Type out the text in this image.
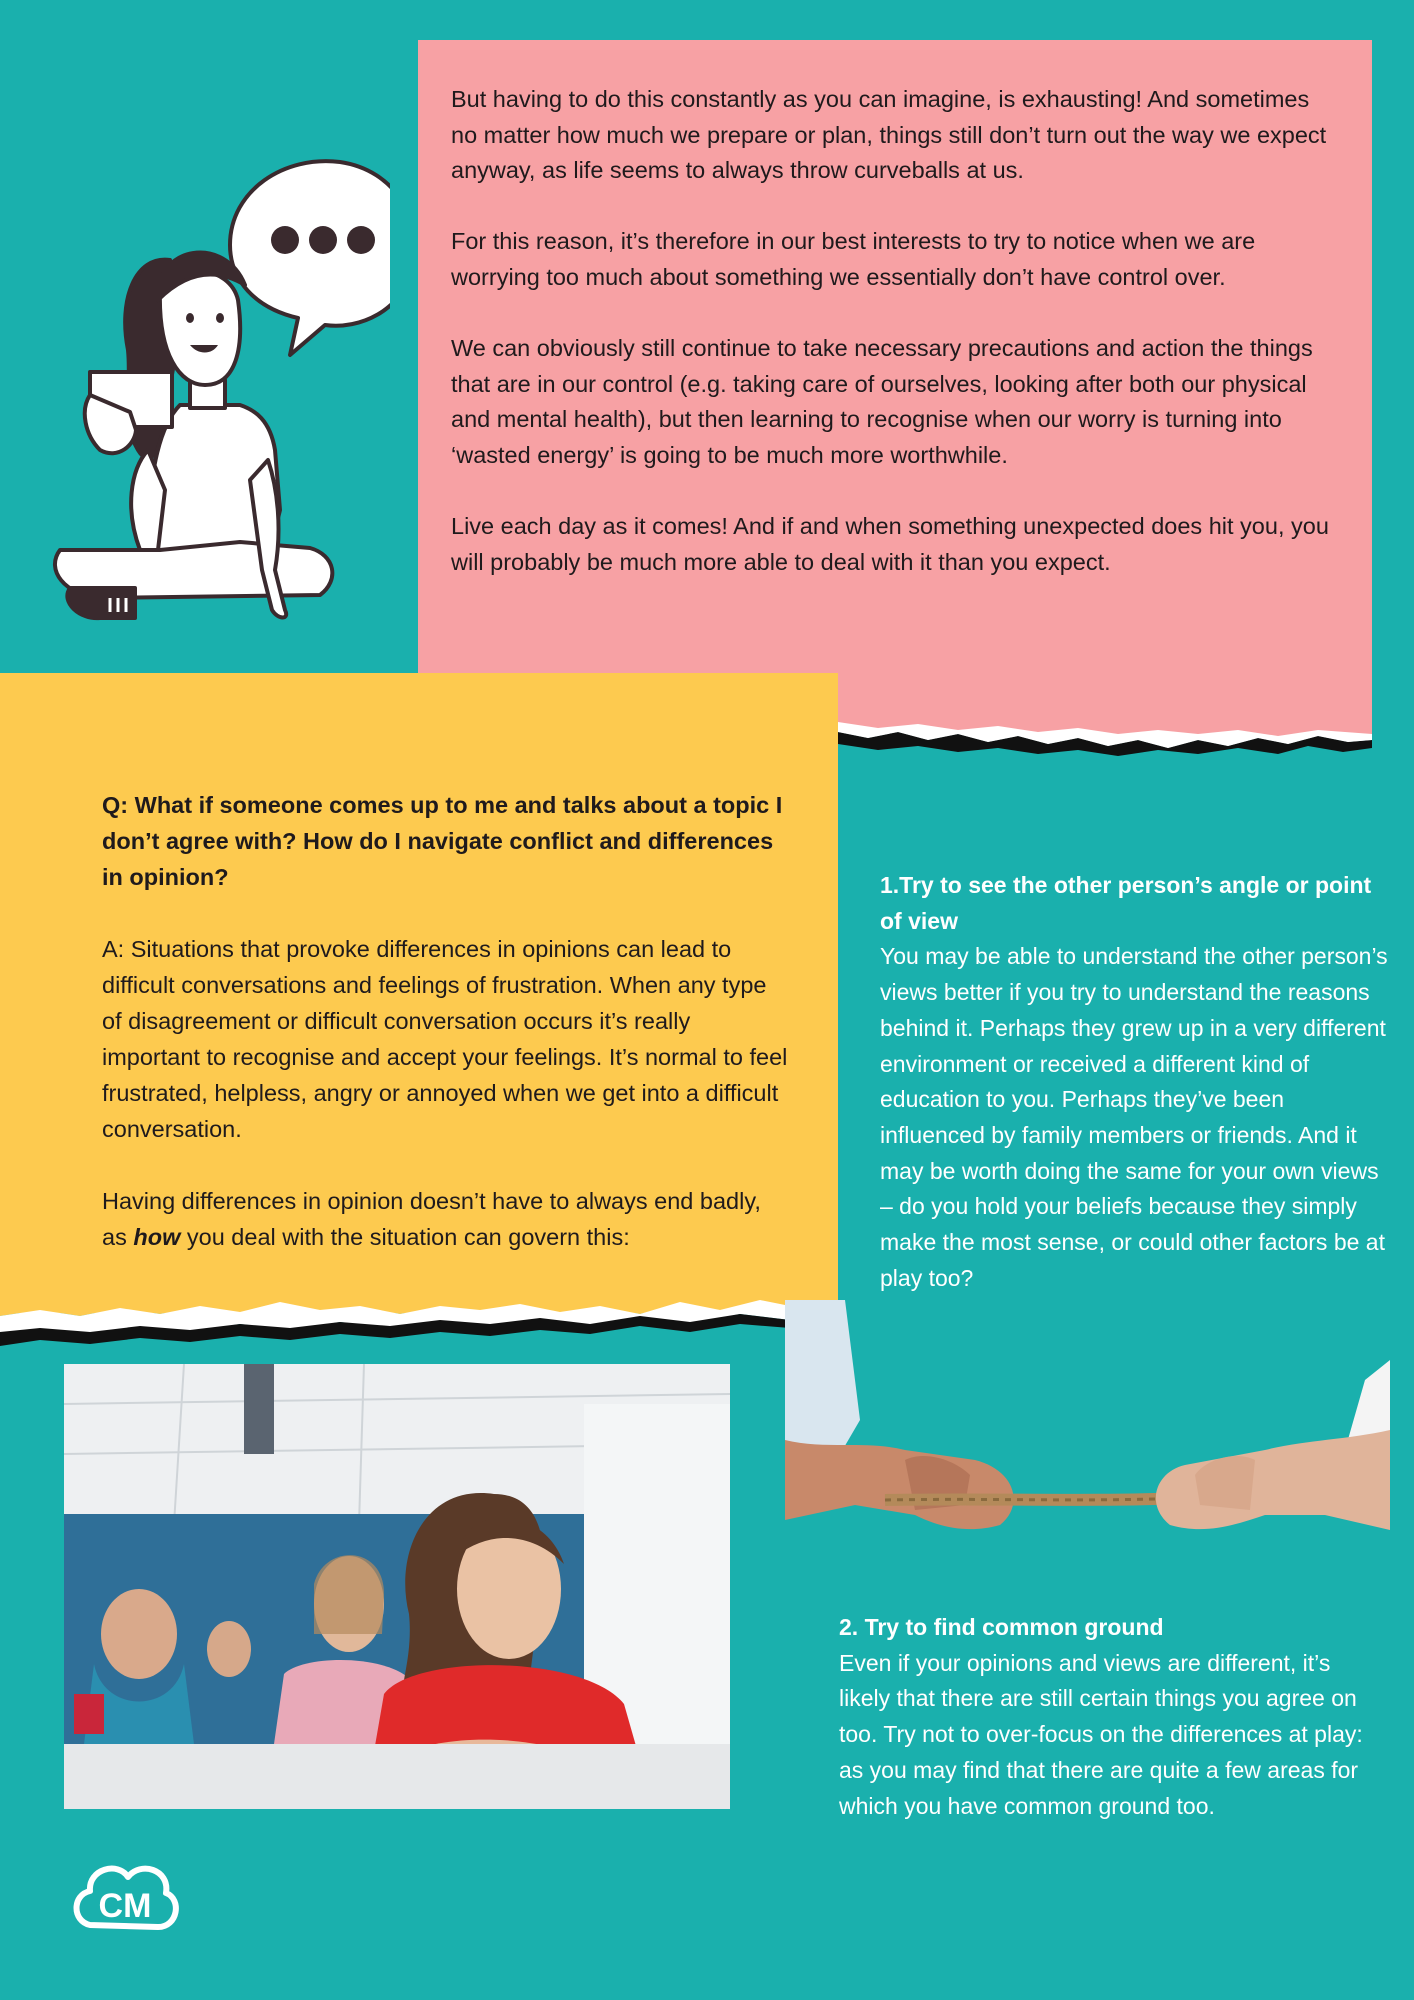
But having to do this constantly as you can imagine, is exhausting! And sometimes no matter how much we prepare or plan, things still don’t turn out the way we expect anyway, as life seems to always throw curveballs at us.

For this reason, it’s therefore in our best interests to try to notice when we are worrying too much about something we essentially don’t have control over.

We can obviously still continue to take necessary precautions and action the things that are in our control (e.g. taking care of ourselves, looking after both our physical and mental health), but then learning to recognise when our worry is turning into ‘wasted energy’ is going to be much more worthwhile.

Live each day as it comes! And if and when something unexpected does hit you, you will probably be much more able to deal with it than you expect.

Q: What if someone comes up to me and talks about a topic I don’t agree with? How do I navigate conflict and differences in opinion?

A: Situations that provoke differences in opinions can lead to difficult conversations and feelings of frustration. When any type of disagreement or difficult conversation occurs it’s really important to recognise and accept your feelings. It’s normal to feel frustrated, helpless, angry or annoyed when we get into a difficult conversation.

Having differences in opinion doesn’t have to always end badly, as how you deal with the situation can govern this:

1.Try to see the other person’s angle or point of view
You may be able to understand the other person’s views better if you try to understand the reasons behind it. Perhaps they grew up in a very different environment or received a different kind of education to you. Perhaps they’ve been influenced by family members or friends. And it may be worth doing the same for your own views – do you hold your beliefs because they simply make the most sense, or could other factors be at play too?
2. Try to find common ground
Even if your opinions and views are different, it’s likely that there are still certain things you agree on too. Try not to over-focus on the differences at play: as you may find that there are quite a few areas for which you have common ground too.
CM
